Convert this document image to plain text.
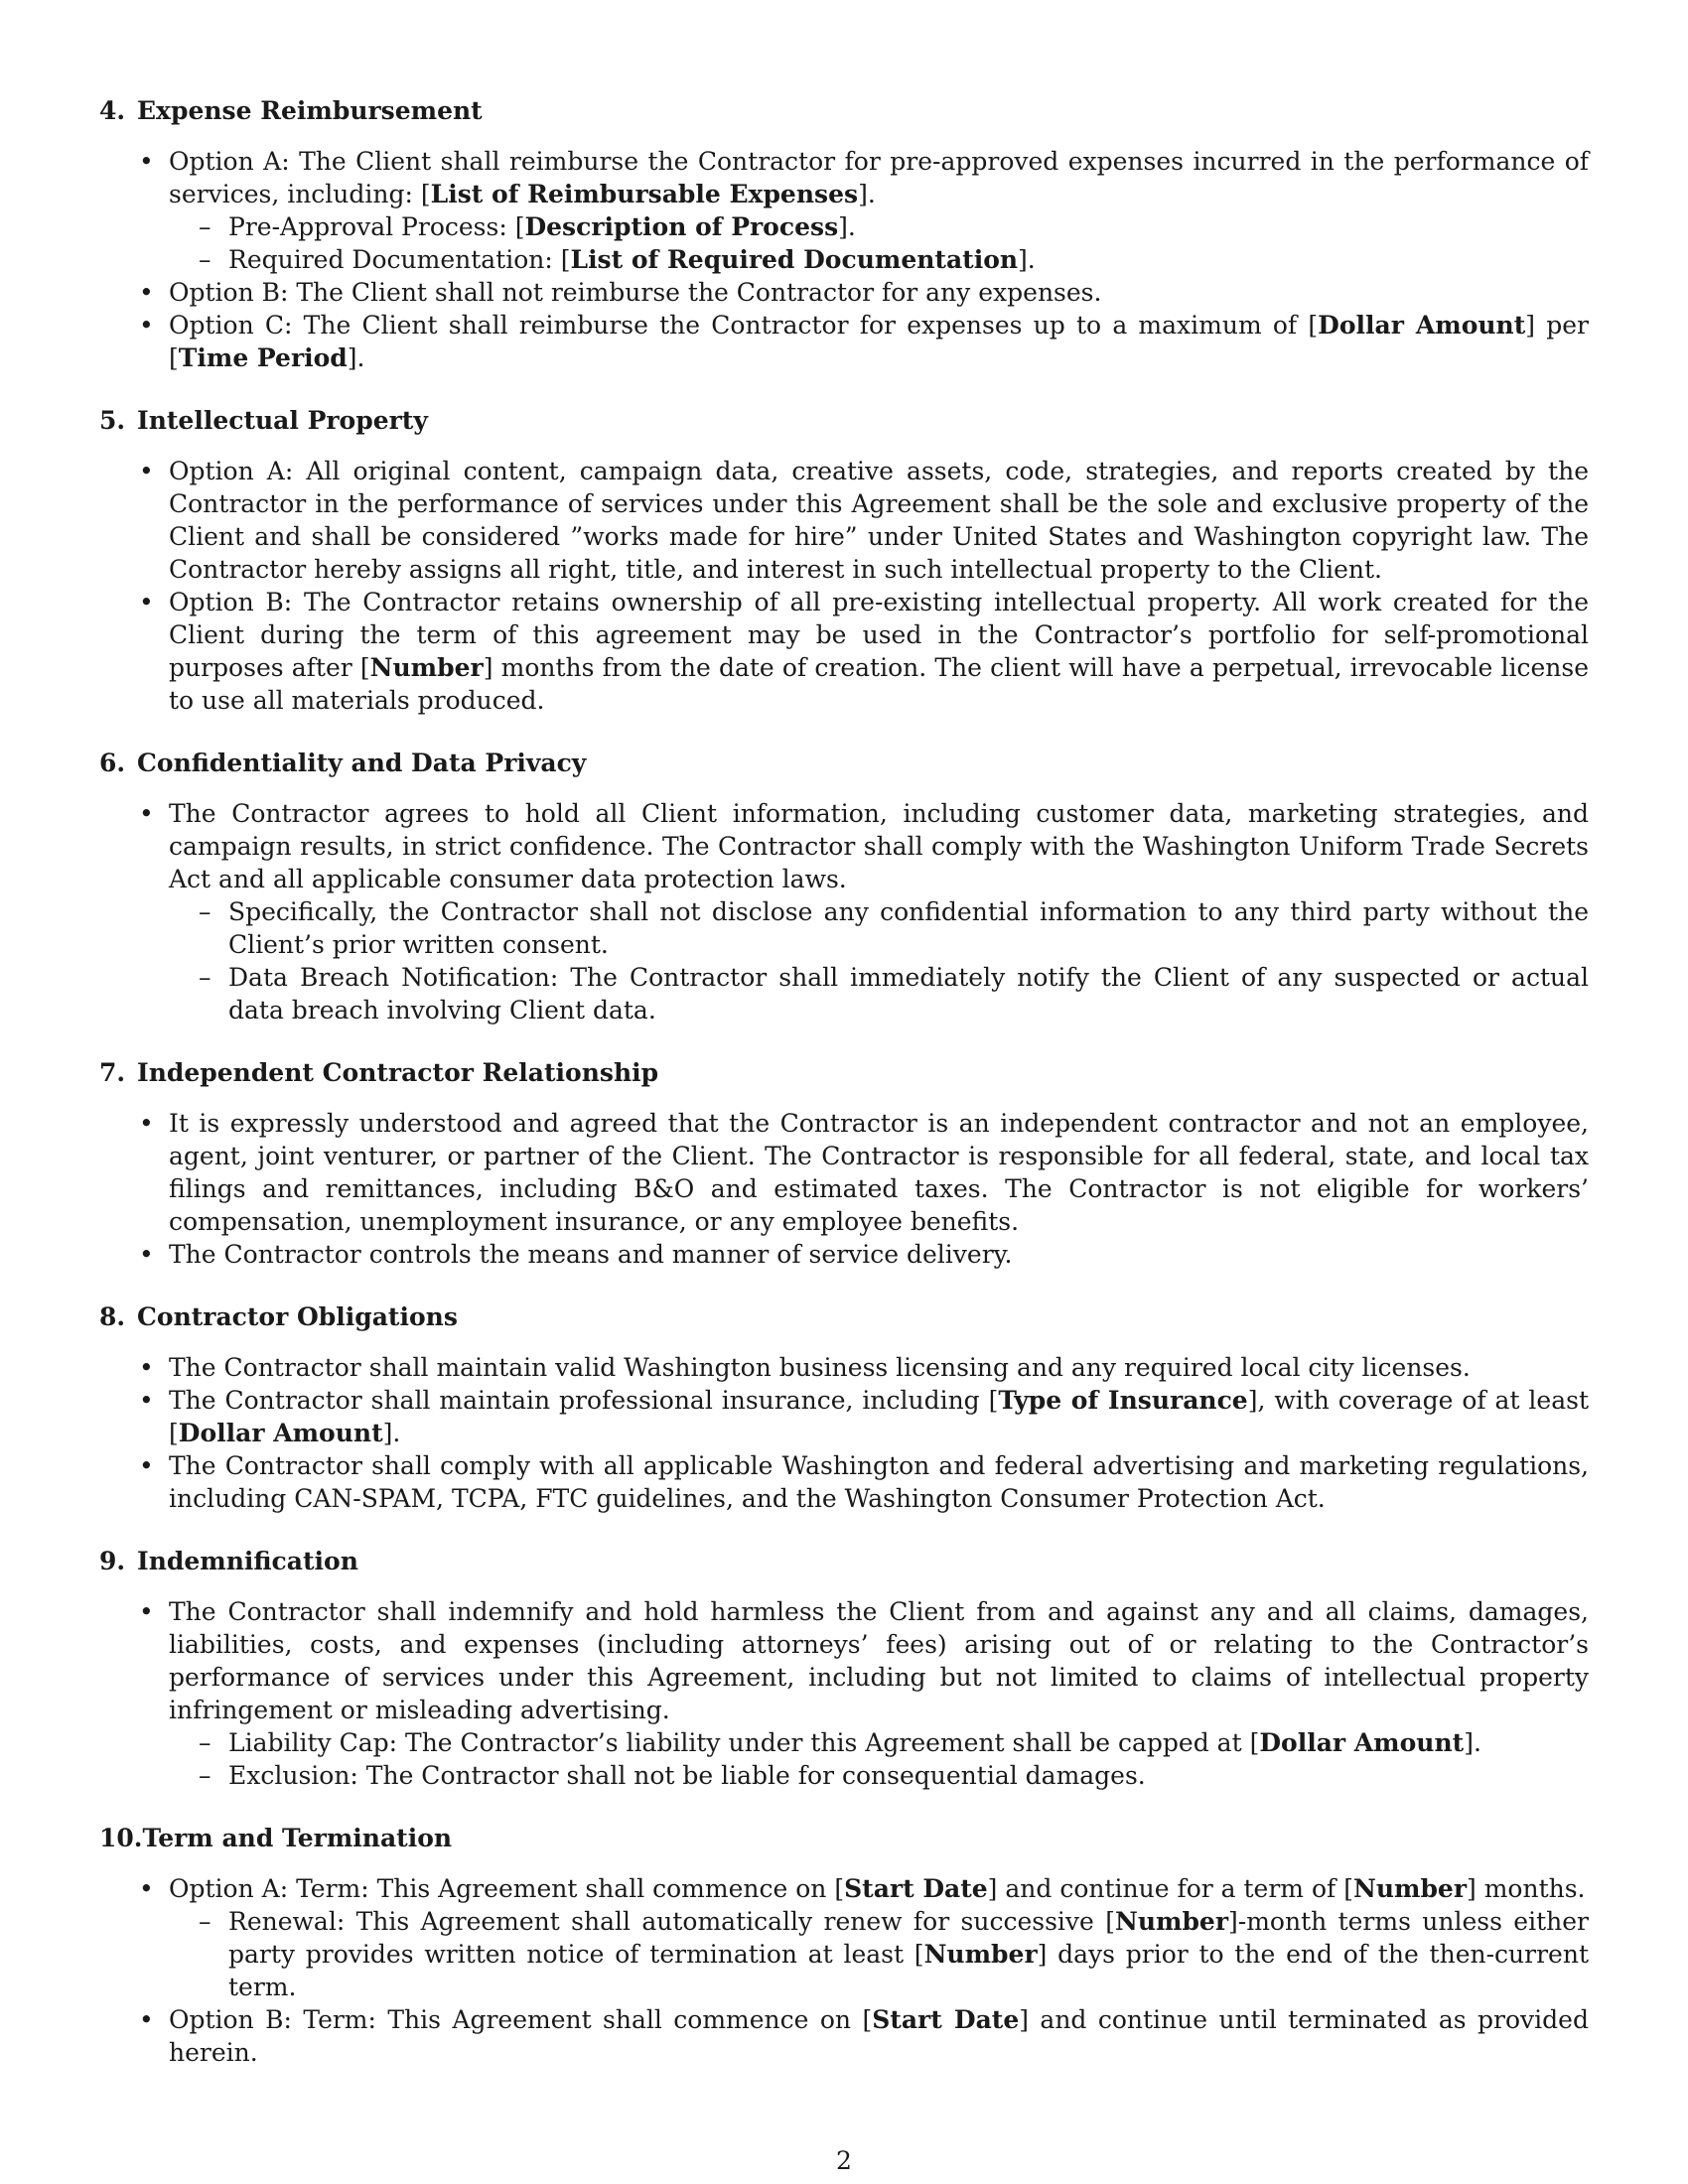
4. Expense Reimbursement
• Option A: The Client shall reimburse the Contractor for pre-approved expenses incurred in the performance of services, including: [List of Reimbursable Expenses].
– Pre-Approval Process: [Description of Process].
– Required Documentation: [List of Required Documentation].
• Option B: The Client shall not reimburse the Contractor for any expenses.
• Option C: The Client shall reimburse the Contractor for expenses up to a maximum of [Dollar Amount] per [Time Period].
5. Intellectual Property
• Option A: All original content, campaign data, creative assets, code, strategies, and reports created by the Contractor in the performance of services under this Agreement shall be the sole and exclusive property of the Client and shall be considered ”works made for hire” under United States and Washington copyright law. The Contractor hereby assigns all right, title, and interest in such intellectual property to the Client.
• Option B: The Contractor retains ownership of all pre-existing intellectual property. All work created for the Client during the term of this agreement may be used in the Contractor’s portfolio for self-promotional purposes after [Number] months from the date of creation. The client will have a perpetual, irrevocable license to use all materials produced.
6. Confidentiality and Data Privacy
• The Contractor agrees to hold all Client information, including customer data, marketing strategies, and campaign results, in strict confidence. The Contractor shall comply with the Washington Uniform Trade Secrets Act and all applicable consumer data protection laws.
– Specifically, the Contractor shall not disclose any confidential information to any third party without the Client’s prior written consent.
– Data Breach Notification: The Contractor shall immediately notify the Client of any suspected or actual data breach involving Client data.
7. Independent Contractor Relationship
• It is expressly understood and agreed that the Contractor is an independent contractor and not an employee, agent, joint venturer, or partner of the Client. The Contractor is responsible for all federal, state, and local tax filings and remittances, including B&O and estimated taxes. The Contractor is not eligible for workers’ compensation, unemployment insurance, or any employee benefits.
• The Contractor controls the means and manner of service delivery.
8. Contractor Obligations
• The Contractor shall maintain valid Washington business licensing and any required local city licenses.
• The Contractor shall maintain professional insurance, including [Type of Insurance], with coverage of at least [Dollar Amount].
• The Contractor shall comply with all applicable Washington and federal advertising and marketing regulations, including CAN-SPAM, TCPA, FTC guidelines, and the Washington Consumer Protection Act.
9. Indemnification
• The Contractor shall indemnify and hold harmless the Client from and against any and all claims, damages, liabilities, costs, and expenses (including attorneys’ fees) arising out of or relating to the Contractor’s performance of services under this Agreement, including but not limited to claims of intellectual property infringement or misleading advertising.
– Liability Cap: The Contractor’s liability under this Agreement shall be capped at [Dollar Amount].
– Exclusion: The Contractor shall not be liable for consequential damages.
10. Term and Termination
• Option A: Term: This Agreement shall commence on [Start Date] and continue for a term of [Number] months.
– Renewal: This Agreement shall automatically renew for successive [Number]-month terms unless either party provides written notice of termination at least [Number] days prior to the end of the then-current term.
• Option B: Term: This Agreement shall commence on [Start Date] and continue until terminated as provided herein.
2
